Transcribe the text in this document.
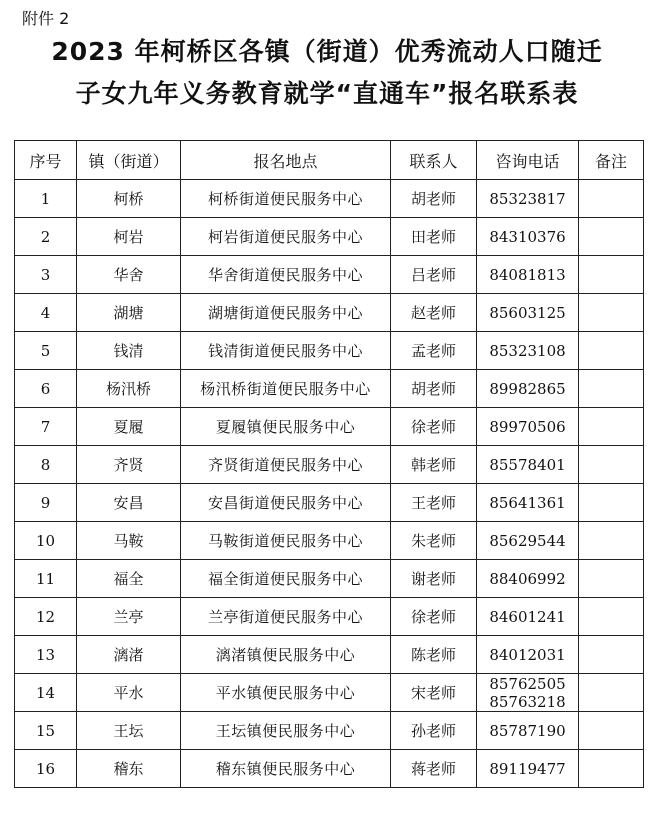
附件 2
2023 年柯桥区各镇（街道）优秀流动人口随迁
子女九年义务教育就学“直通车”报名联系表
序号	镇（街道）	报名地点	联系人	咨询电话	备注
1	柯桥	柯桥街道便民服务中心	胡老师	85323817	

2	柯岩	柯岩街道便民服务中心	田老师	84310376	

3	华舍	华舍街道便民服务中心	吕老师	84081813	

4	湖塘	湖塘街道便民服务中心	赵老师	85603125	

5	钱清	钱清街道便民服务中心	孟老师	85323108	

6	杨汛桥	杨汛桥街道便民服务中心	胡老师	89982865	

7	夏履	夏履镇便民服务中心	徐老师	89970506	

8	齐贤	齐贤街道便民服务中心	韩老师	85578401	

9	安昌	安昌街道便民服务中心	王老师	85641361	

10	马鞍	马鞍街道便民服务中心	朱老师	85629544	

11	福全	福全街道便民服务中心	谢老师	88406992	

12	兰亭	兰亭街道便民服务中心	徐老师	84601241	

13	漓渚	漓渚镇便民服务中心	陈老师	84012031	

14	平水	平水镇便民服务中心	宋老师	85762505
85763218	

15	王坛	王坛镇便民服务中心	孙老师	85787190	

16	稽东	稽东镇便民服务中心	蒋老师	89119477	
